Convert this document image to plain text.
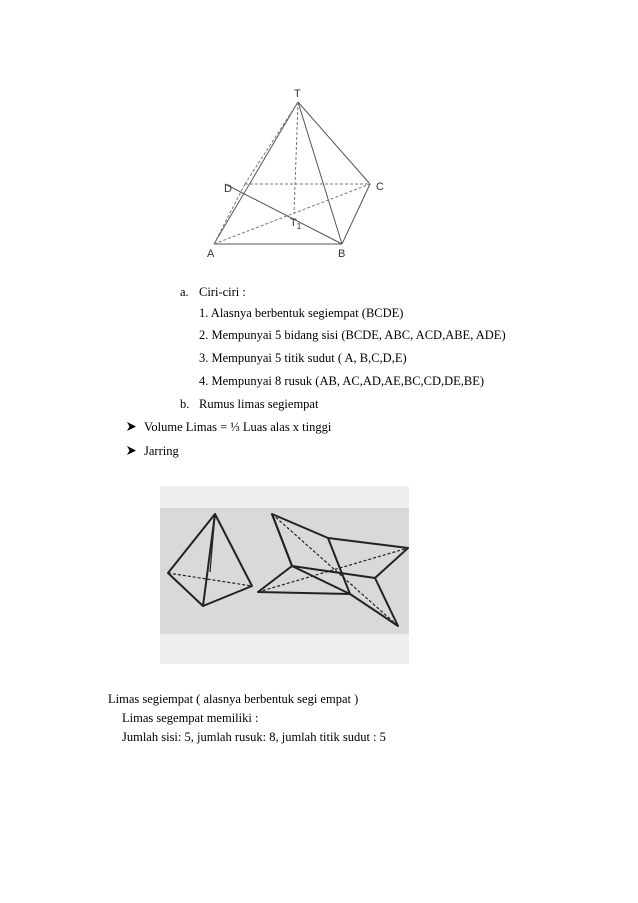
T
C
D
$T_1$
A	B
a. Ciri-ciri :
1. Alasnya berbentuk segiempat (BCDE)
2. Mempunyai 5 bidang sisi (BCDE, ABC, ACD,ABE, ADE)
3. Mempunyai 5 titik sudut ( A, B,C,D,E)
4. Mempunyai 8 rusuk (AB, AC,AD,AE,BC,CD,DE,BE)
b. Rumus limas segiempat
Volume Limas = ⅓ Luas alas x tinggi
Jarring
Limas segiempat ( alasnya berbentuk segi empat )
Limas segempat memiliki :
Jumlah sisi: 5, jumlah rusuk: 8, jumlah titik sudut : 5
